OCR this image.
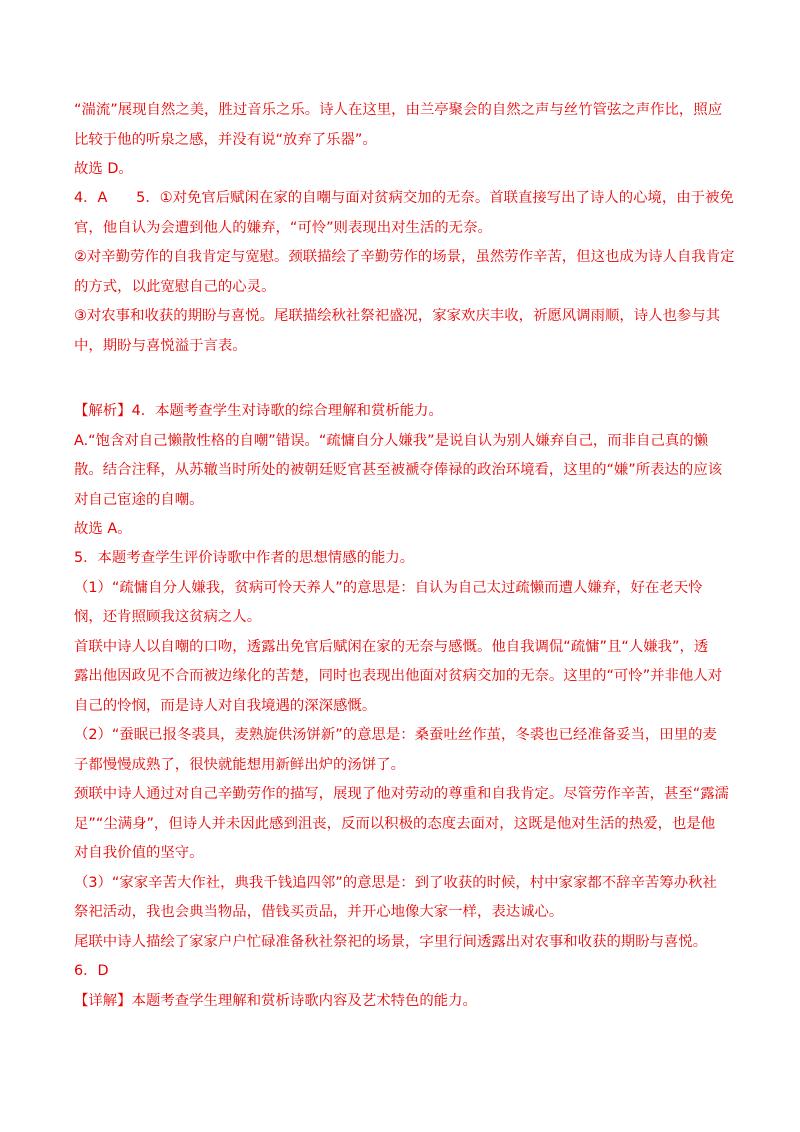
“湍流”展现自然之美，胜过音乐之乐。诗人在这里，由兰亭聚会的自然之声与丝竹管弦之声作比，照应
比较于他的听泉之感，并没有说“放弃了乐器”。
故选 D。
4．A　　5．①对免官后赋闲在家的自嘲与面对贫病交加的无奈。首联直接写出了诗人的心境，由于被免
官，他自认为会遭到他人的嫌弃，“可怜”则表现出对生活的无奈。
②对辛勤劳作的自我肯定与宽慰。颈联描绘了辛勤劳作的场景，虽然劳作辛苦，但这也成为诗人自我肯定
的方式，以此宽慰自己的心灵。
③对农事和收获的期盼与喜悦。尾联描绘秋社祭祀盛况，家家欢庆丰收，祈愿风调雨顺，诗人也参与其
中，期盼与喜悦溢于言表。
【解析】4．本题考查学生对诗歌的综合理解和赏析能力。
A.“饱含对自己懒散性格的自嘲”错误。“疏慵自分人嫌我”是说自认为别人嫌弃自己，而非自己真的懒
散。结合注释，从苏辙当时所处的被朝廷贬官甚至被褫夺俸禄的政治环境看，这里的“嫌”所表达的应该
对自己宦途的自嘲。
故选 A。
5．本题考查学生评价诗歌中作者的思想情感的能力。
（1）“疏慵自分人嫌我，贫病可怜天养人”的意思是：自认为自己太过疏懒而遭人嫌弃，好在老天怜
悯，还肯照顾我这贫病之人。
首联中诗人以自嘲的口吻，透露出免官后赋闲在家的无奈与感慨。他自我调侃“疏慵”且“人嫌我”，透
露出他因政见不合而被边缘化的苦楚，同时也表现出他面对贫病交加的无奈。这里的“可怜”并非他人对
自己的怜悯，而是诗人对自我境遇的深深感慨。
（2）“蚕眠已报冬裘具，麦熟旋供汤饼新”的意思是：桑蚕吐丝作茧，冬裘也已经准备妥当，田里的麦
子都慢慢成熟了，很快就能想用新鲜出炉的汤饼了。
颈联中诗人通过对自己辛勤劳作的描写，展现了他对劳动的尊重和自我肯定。尽管劳作辛苦，甚至“露濡
足”“尘满身”，但诗人并未因此感到沮丧，反而以积极的态度去面对，这既是他对生活的热爱，也是他
对自我价值的坚守。
（3）“家家辛苦大作社，典我千钱追四邻”的意思是：到了收获的时候，村中家家都不辞辛苦筹办秋社
祭祀活动，我也会典当物品，借钱买贡品，并开心地像大家一样，表达诚心。
尾联中诗人描绘了家家户户忙碌准备秋社祭祀的场景，字里行间透露出对农事和收获的期盼与喜悦。
6．D
【详解】本题考查学生理解和赏析诗歌内容及艺术特色的能力。
